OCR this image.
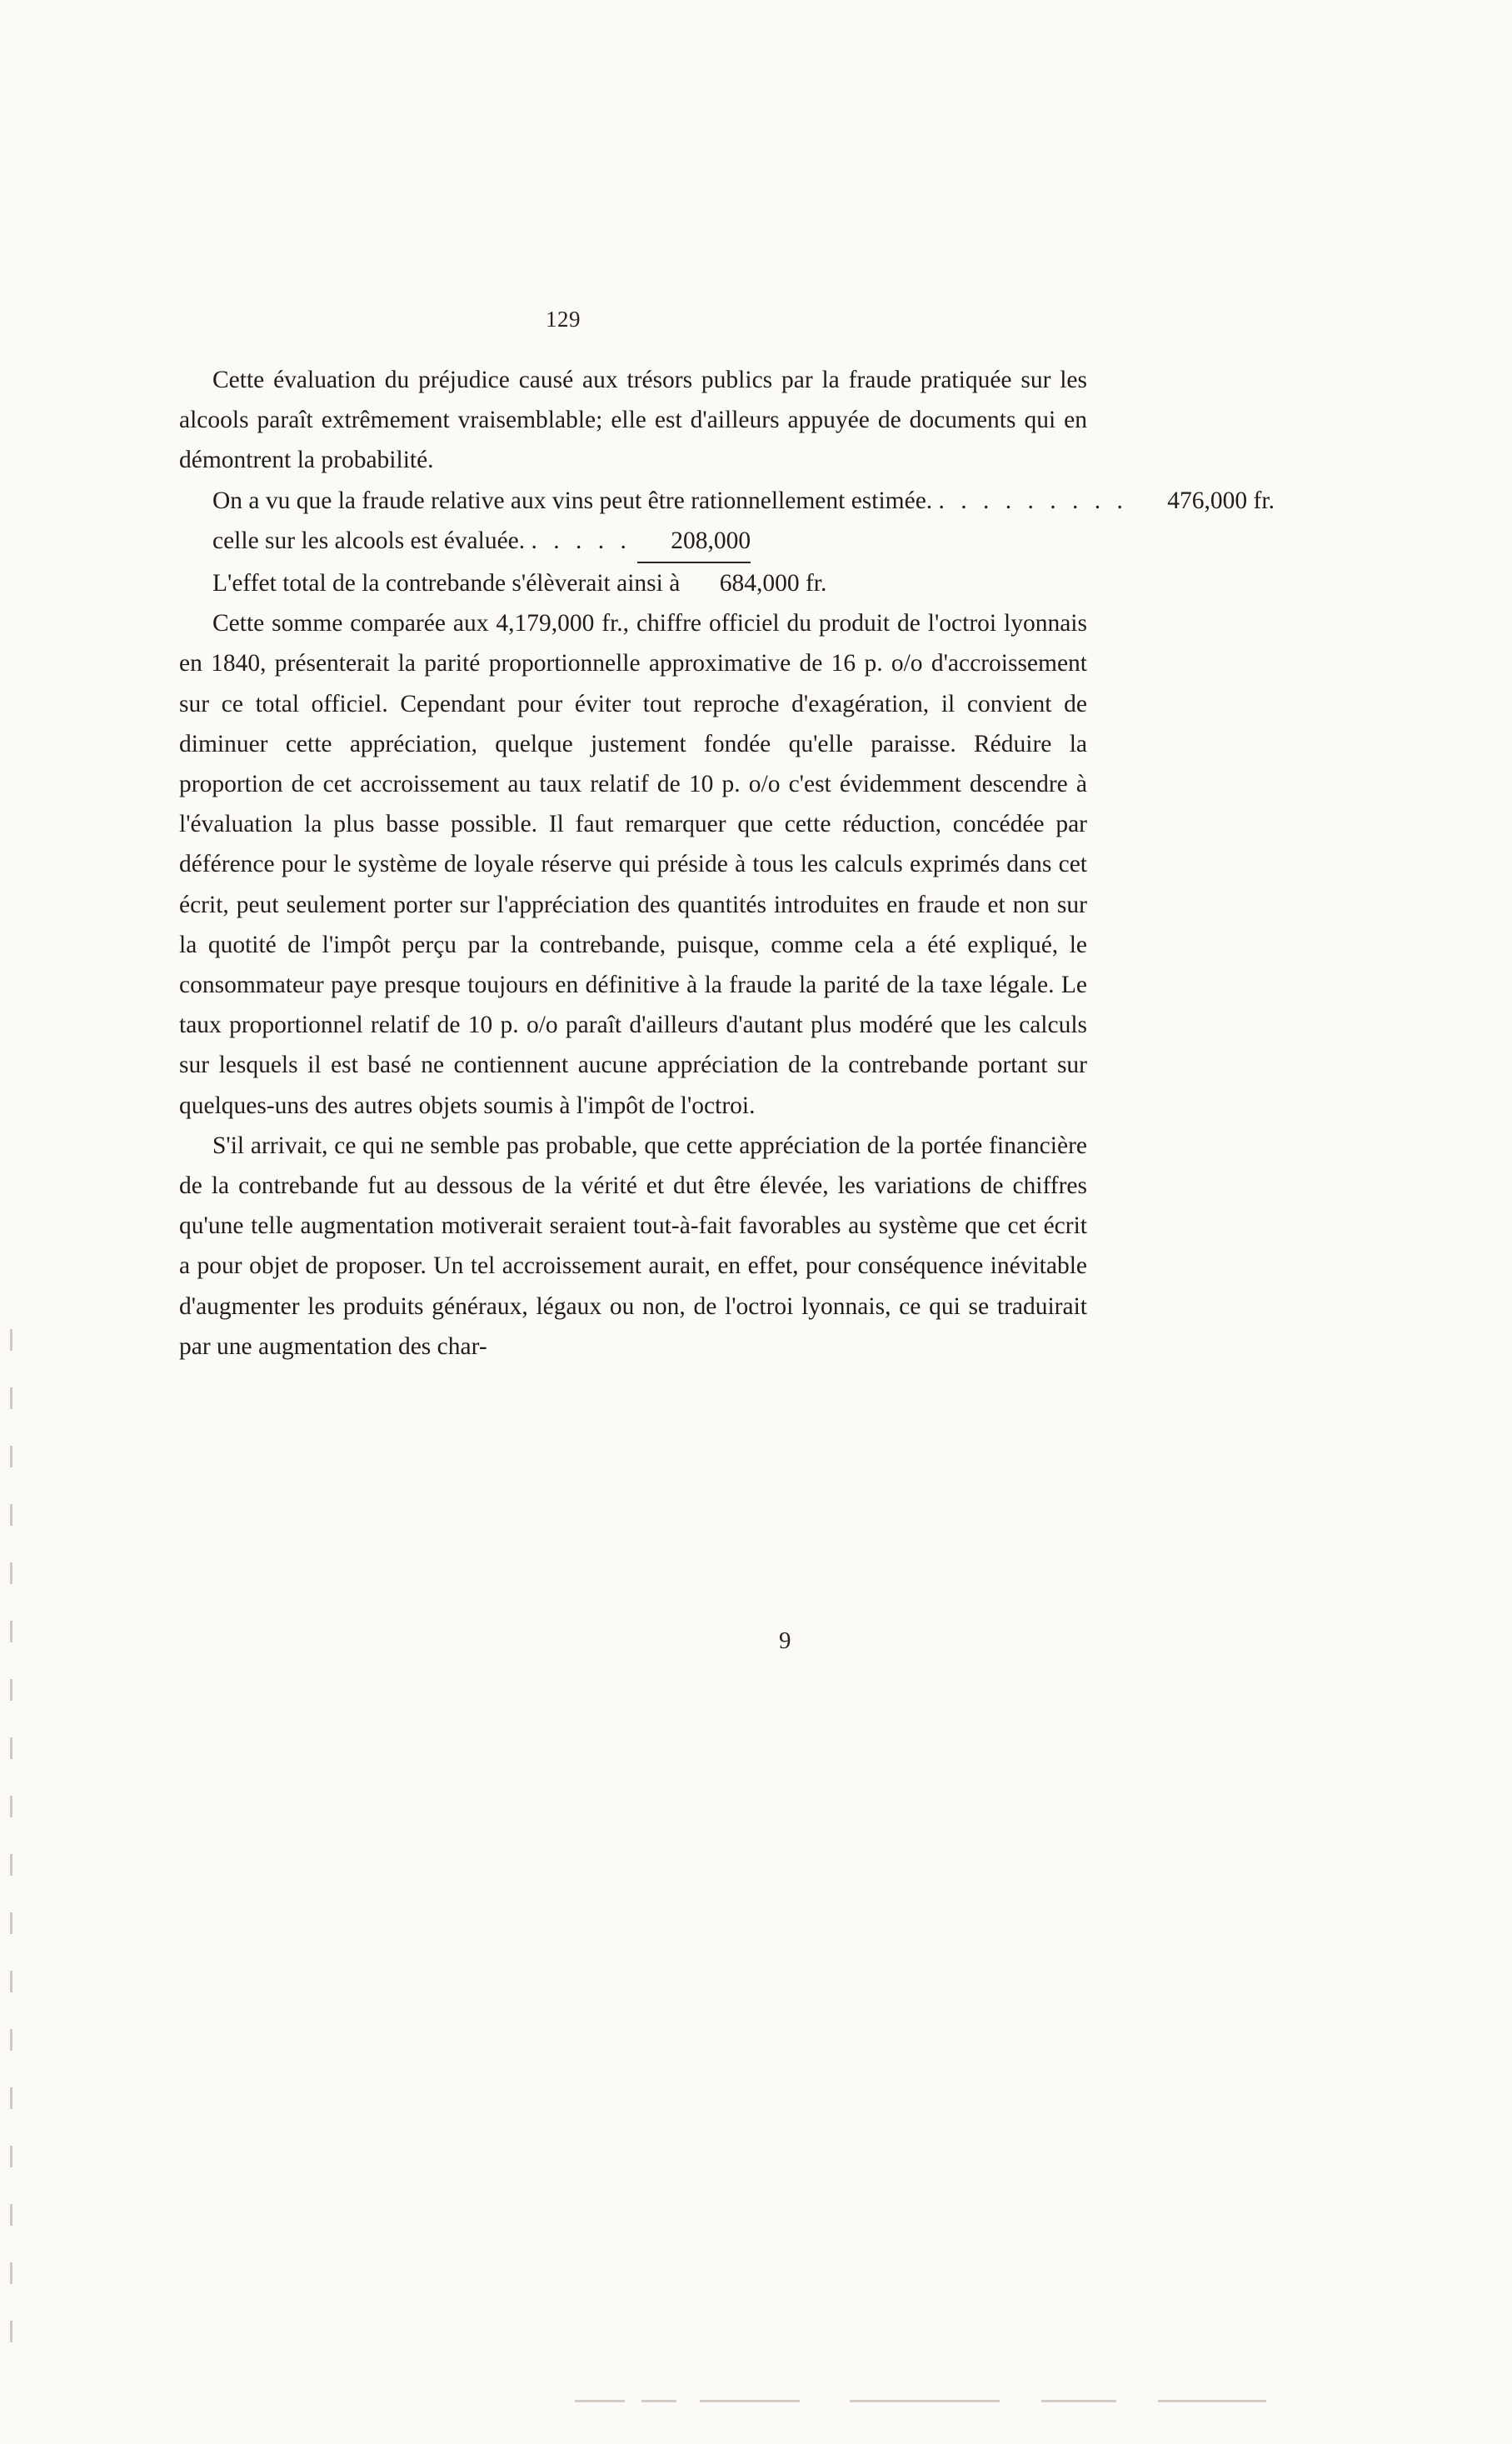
129

Cette évaluation du préjudice causé aux trésors publics par la fraude pratiquée sur les alcools paraît extrêmement vraisemblable; elle est d'ailleurs appuyée de documents qui en démontrent la probabilité.

On a vu que la fraude relative aux vins peut être rationnellement estimée. . . . . . . . . . 476,000 fr.
celle sur les alcools est évaluée. . . . . . 208,000
L'effet total de la contrebande s'élèverait ainsi à 684,000 fr.

Cette somme comparée aux 4,179,000 fr., chiffre officiel du produit de l'octroi lyonnais en 1840, présenterait la parité proportionnelle approximative de 16 p. o/o d'accroissement sur ce total officiel. Cependant pour éviter tout reproche d'exagération, il convient de diminuer cette appréciation, quelque justement fondée qu'elle paraisse. Réduire la proportion de cet accroissement au taux relatif de 10 p. o/o c'est évidemment descendre à l'évaluation la plus basse possible. Il faut remarquer que cette réduction, concédée par déférence pour le système de loyale réserve qui préside à tous les calculs exprimés dans cet écrit, peut seulement porter sur l'appréciation des quantités introduites en fraude et non sur la quotité de l'impôt perçu par la contrebande, puisque, comme cela a été expliqué, le consommateur paye presque toujours en définitive à la fraude la parité de la taxe légale. Le taux proportionnel relatif de 10 p. o/o paraît d'ailleurs d'autant plus modéré que les calculs sur lesquels il est basé ne contiennent aucune appréciation de la contrebande portant sur quelques-uns des autres objets soumis à l'impôt de l'octroi.

S'il arrivait, ce qui ne semble pas probable, que cette appréciation de la portée financière de la contrebande fut au dessous de la vérité et dut être élevée, les variations de chiffres qu'une telle augmentation motiverait seraient tout-à-fait favorables au système que cet écrit a pour objet de proposer. Un tel accroissement aurait, en effet, pour conséquence inévitable d'augmenter les produits généraux, légaux ou non, de l'octroi lyonnais, ce qui se traduirait par une augmentation des char-

9
